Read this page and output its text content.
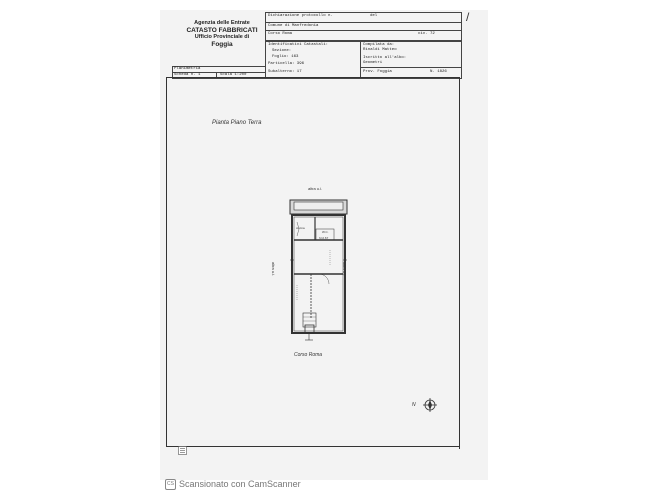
Agenzia delle Entrate
CATASTO FABBRICATI
Ufficio Provinciale di
Foggia
/
Dichiarazione protocollo n.	del
Comune di Manfredonia
Corso Roma	civ. 72
Identificativi Catastali:
Sezione:
Foglio: 163
Particella: 396
Subalterno: 17
Compilata da:
Rinaldi Matteo
Iscritto all'albo:
Geometri
Prov. Foggia	N. 1826
Planimetria
Scheda n. 1	Scala 1:200
Pianta Piano Terra
altra u.i.
cucina
W.C.
h=2.67
altra u.i.	altra u.i.
Corso Roma
N
CS Scansionato con CamScanner
